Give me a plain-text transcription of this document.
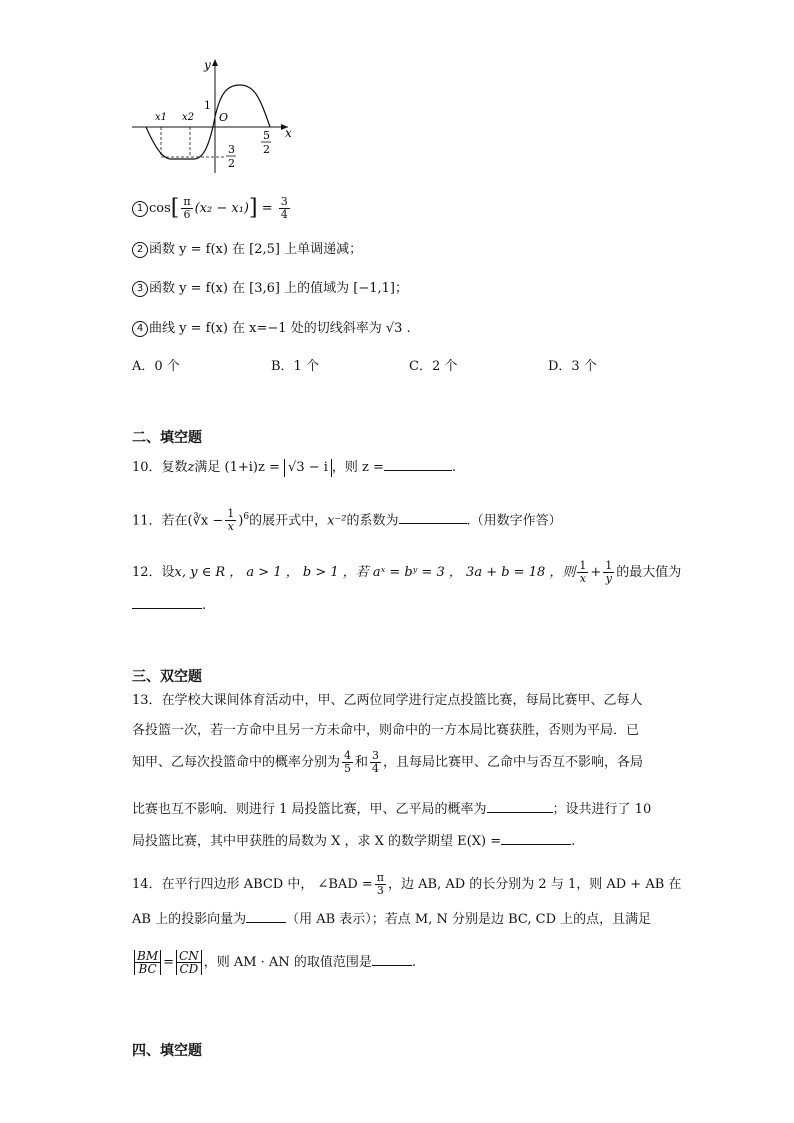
y
x
x1 x2 O
1
5
2
3
2
1 $\cos[ \frac{\pi}{6} (x_2 - x_1)] = \frac{3}{4}$
2 函数 y = f(x) 在 [2,5] 上单调递减；
3 函数 y = f(x) 在 [3,6] 上的值域为 [−1,1]；
4 曲线 y = f(x) 在 x=−1 处的切线斜率为 √3 .
A．0 个	B．1 个	C．2 个	D．3 个
二、填空题
10．复数z满足 (1+i)z = √3 − i ，则 z =	.
11．若在(∛x − $\frac{1}{x} )^6$的展开式中，x⁻²的系数为	.（用数字作答）
12．设x, y ∈ R ， a > 1 ， b > 1 ，若 aˣ = bʸ = 3 ， 3a + b = 18 ，则 $\frac{1}{x} + \frac{1}{y}$ 的最大值为
.
三、双空题
13．在学校大课间体育活动中，甲、乙两位同学进行定点投篮比赛，每局比赛甲、乙每人
各投篮一次，若一方命中且另一方未命中，则命中的一方本局比赛获胜，否则为平局．已
知甲、乙每次投篮命中的概率分别为 $\frac{4}{5}$ 和 $\frac{3}{4}$ ，且每局比赛甲、乙命中与否互不影响，各局
比赛也互不影响．则进行 1 局投篮比赛，甲、乙平局的概率为	；设共进行了 10
局投篮比赛，其中甲获胜的局数为 X ，求 X 的数学期望 E(X) =	.
14．在平行四边形 ABCD 中， ∠BAD = $\frac{\pi}{3}$ ，边 AB, AD 的长分别为 2 与 1，则 AD + AB 在
AB 上的投影向量为	（用 AB 表示）；若点 M, N 分别是边 BC, CD 上的点，且满足
$\frac{BM}{BC} = \frac{CN}{CD}$ ，则 AM · AN 的取值范围是	.
四、填空题
